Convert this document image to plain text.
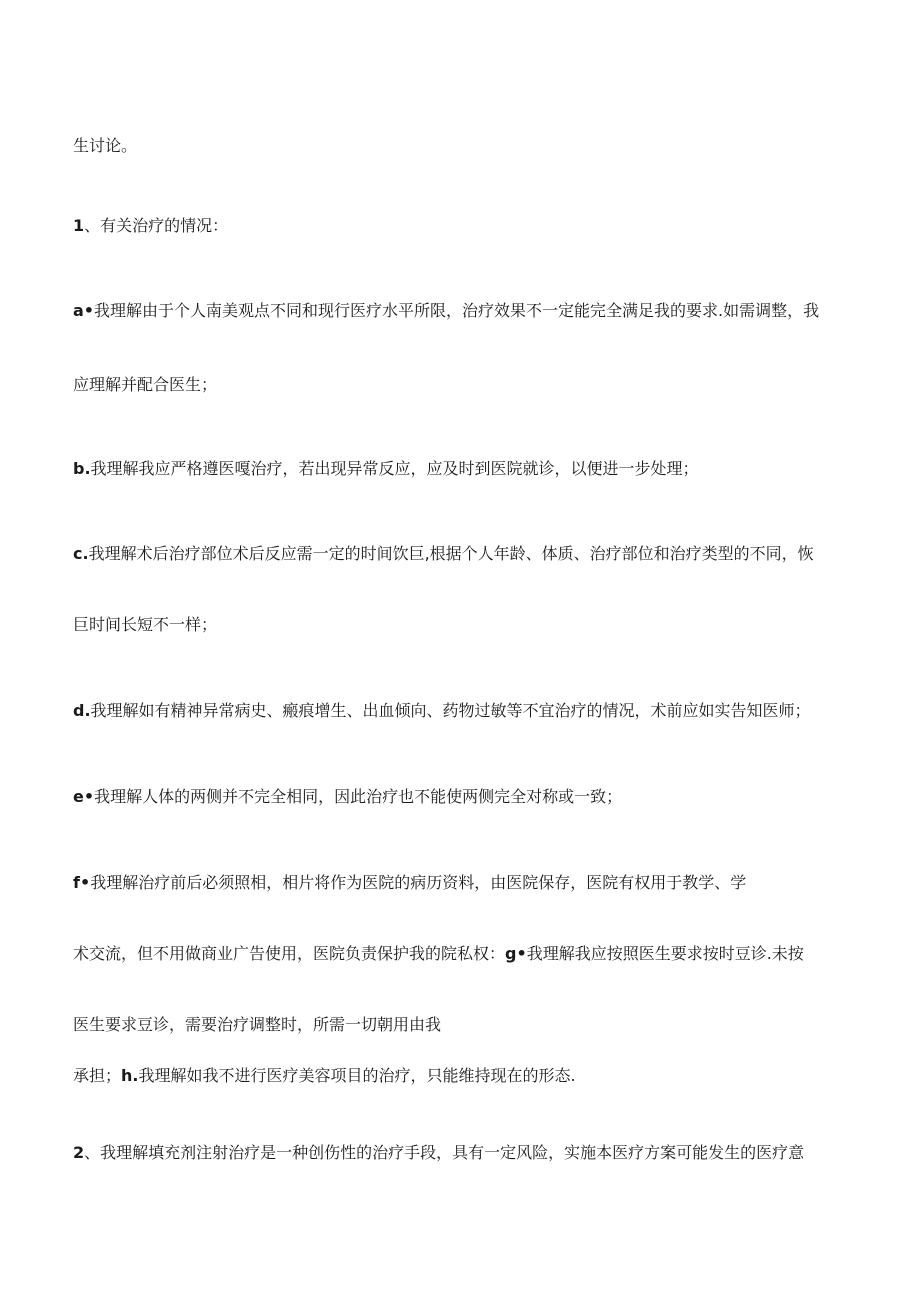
生讨论。
1、有关治疗的情况：
a•我理解由于个人南美观点不同和现行医疗水平所限，治疗效果不一定能完全满足我的要求.如需调整，我
应理解并配合医生；
b.我理解我应严格遵医嘎治疗，若出现异常反应，应及时到医院就诊，以便进一步处理；
c.我理解术后治疗部位术后反应需一定的时间饮巨,根据个人年龄、体质、治疗部位和治疗类型的不同，恢
巨时间长短不一样；
d.我理解如有精神异常病史、瘢痕增生、出血倾向、药物过敏等不宜治疗的情况，术前应如实告知医师；
e•我理解人体的两侧并不完全相同，因此治疗也不能使两侧完全对称或一致；
f•我理解治疗前后必须照相，相片将作为医院的病历资料，由医院保存，医院有权用于教学、学
术交流，但不用做商业广告使用，医院负责保护我的院私权：g•我理解我应按照医生要求按时豆诊.未按
医生要求豆诊，需要治疗调整时，所需一切朝用由我
承担；h.我理解如我不进行医疗美容项目的治疗，只能维持现在的形态.
2、我理解填充剂注射治疗是一种创伤性的治疗手段，具有一定风险，实施本医疗方案可能发生的医疗意
